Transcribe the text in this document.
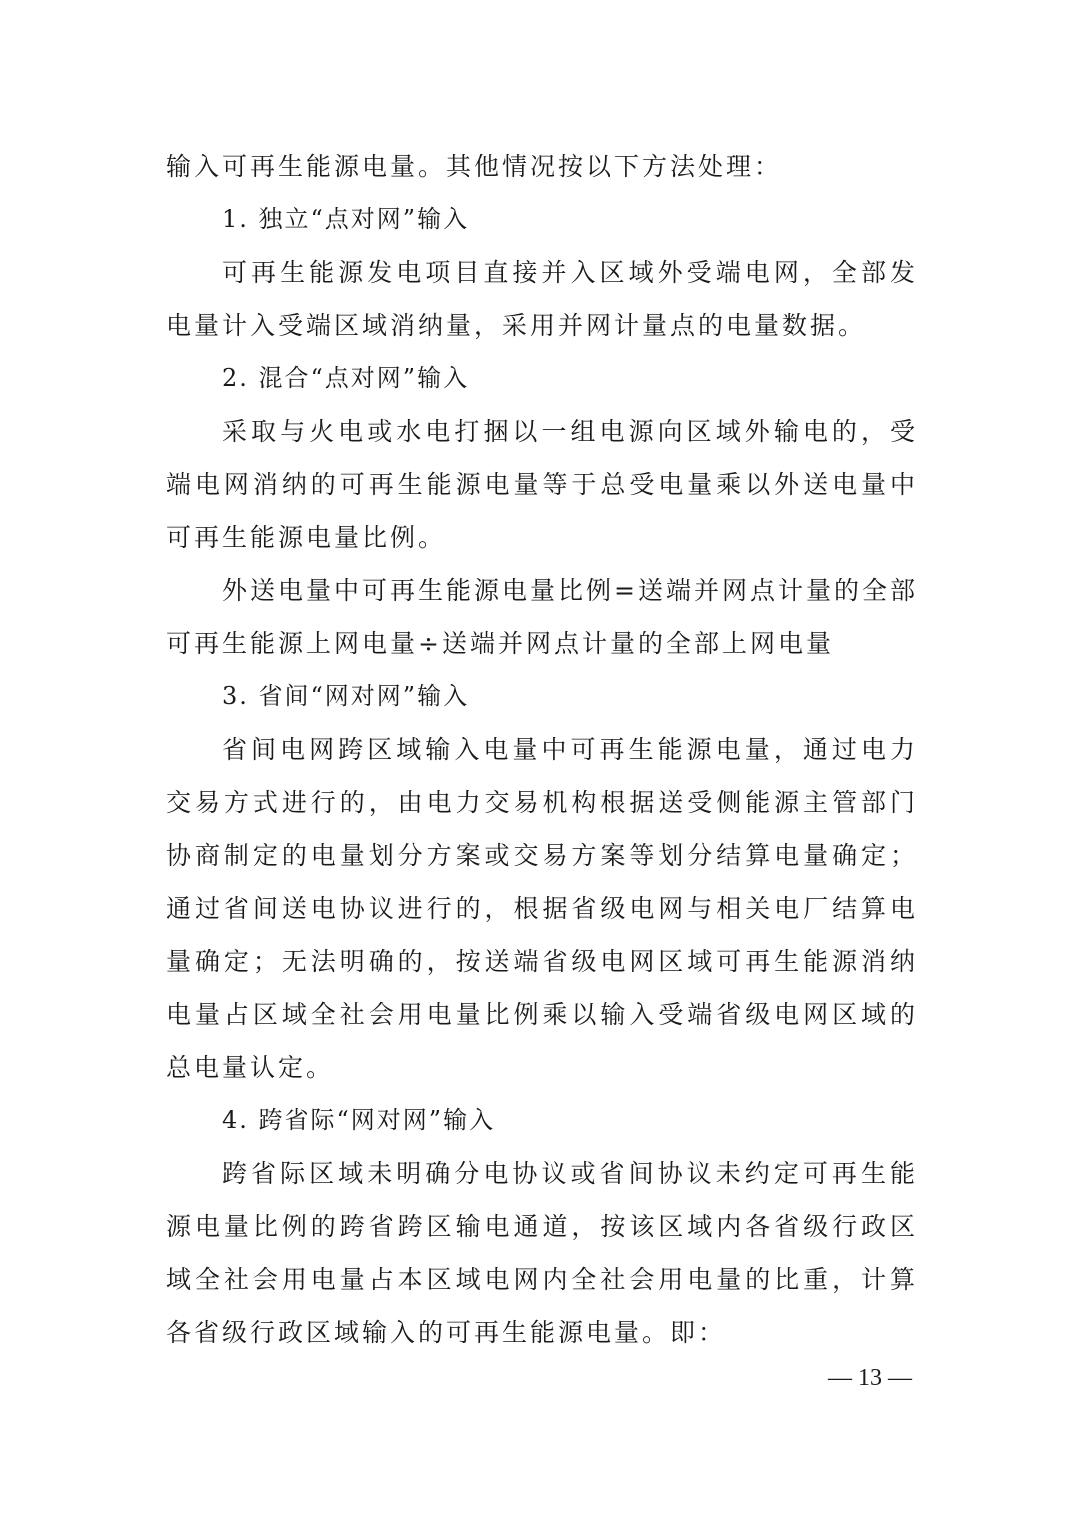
输入可再生能源电量。其他情况按以下方法处理：

1. 独立“点对网”输入

可再生能源发电项目直接并入区域外受端电网，全部发电量计入受端区域消纳量，采用并网计量点的电量数据。

2. 混合“点对网”输入

采取与火电或水电打捆以一组电源向区域外输电的，受端电网消纳的可再生能源电量等于总受电量乘以外送电量中可再生能源电量比例。

外送电量中可再生能源电量比例=送端并网点计量的全部可再生能源上网电量÷送端并网点计量的全部上网电量

3. 省间“网对网”输入

省间电网跨区域输入电量中可再生能源电量，通过电力交易方式进行的，由电力交易机构根据送受侧能源主管部门协商制定的电量划分方案或交易方案等划分结算电量确定；通过省间送电协议进行的，根据省级电网与相关电厂结算电量确定；无法明确的，按送端省级电网区域可再生能源消纳电量占区域全社会用电量比例乘以输入受端省级电网区域的总电量认定。

4. 跨省际“网对网”输入

跨省际区域未明确分电协议或省间协议未约定可再生能源电量比例的跨省跨区输电通道，按该区域内各省级行政区域全社会用电量占本区域电网内全社会用电量的比重，计算各省级行政区域输入的可再生能源电量。即：

— 13 —
